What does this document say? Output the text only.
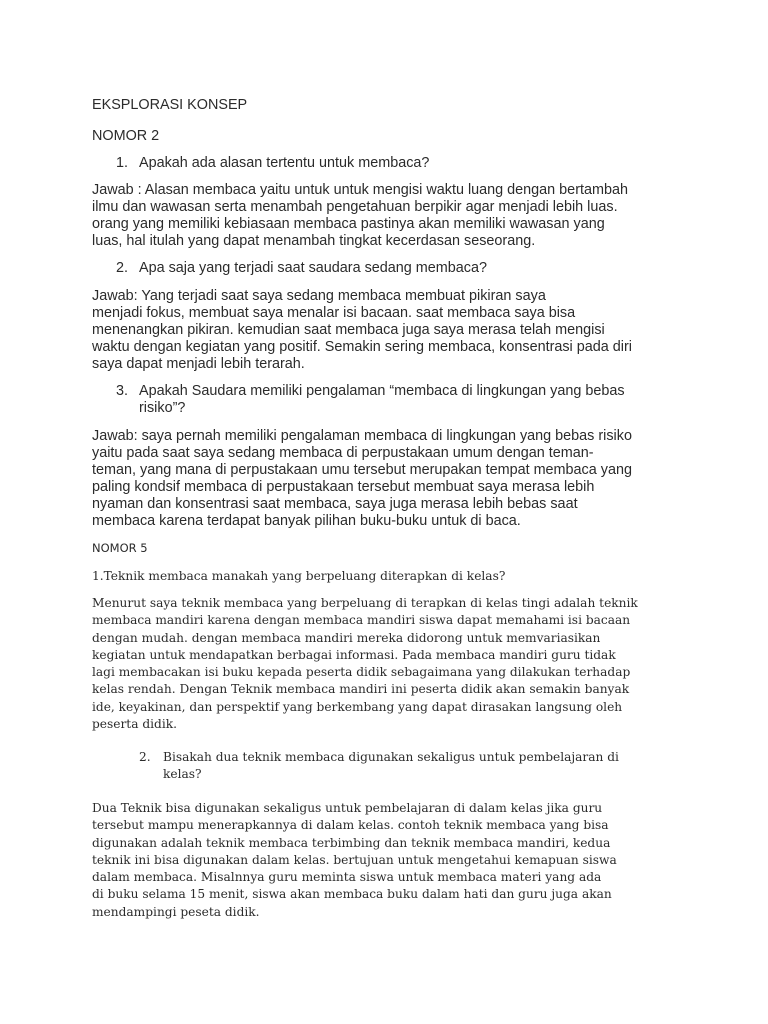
EKSPLORASI KONSEP

NOMOR 2

1. Apakah ada alasan tertentu untuk membaca?

Jawab : Alasan membaca yaitu untuk untuk mengisi waktu luang dengan bertambah
ilmu dan wawasan serta menambah pengetahuan berpikir agar menjadi lebih luas.
orang yang memiliki kebiasaan membaca pastinya akan memiliki wawasan yang
luas, hal itulah yang dapat menambah tingkat kecerdasan seseorang.

2. Apa saja yang terjadi saat saudara sedang membaca?

Jawab: Yang terjadi saat saya sedang membaca membuat pikiran saya
menjadi fokus, membuat saya menalar isi bacaan. saat membaca saya bisa
menenangkan pikiran. kemudian saat membaca juga saya merasa telah mengisi
waktu dengan kegiatan yang positif. Semakin sering membaca, konsentrasi pada diri
saya dapat menjadi lebih terarah.

3. Apakah Saudara memiliki pengalaman “membaca di lingkungan yang bebas
risiko”?

Jawab: saya pernah memiliki pengalaman membaca di lingkungan yang bebas risiko
yaitu pada saat saya sedang membaca di perpustakaan umum dengan teman-
teman, yang mana di perpustakaan umu tersebut merupakan tempat membaca yang
paling kondsif membaca di perpustakaan tersebut membuat saya merasa lebih
nyaman dan konsentrasi saat membaca, saya juga merasa lebih bebas saat
membaca karena terdapat banyak pilihan buku-buku untuk di baca.

NOMOR 5

1.Teknik membaca manakah yang berpeluang diterapkan di kelas?

Menurut saya teknik membaca yang berpeluang di terapkan di kelas tingi adalah teknik
membaca mandiri karena dengan membaca mandiri siswa dapat memahami isi bacaan
dengan mudah. dengan membaca mandiri mereka didorong untuk memvariasikan
kegiatan untuk mendapatkan berbagai informasi. Pada membaca mandiri guru tidak
lagi membacakan isi buku kepada peserta didik sebagaimana yang dilakukan terhadap
kelas rendah. Dengan Teknik membaca mandiri ini peserta didik akan semakin banyak
ide, keyakinan, dan perspektif yang berkembang yang dapat dirasakan langsung oleh
peserta didik.

2. Bisakah dua teknik membaca digunakan sekaligus untuk pembelajaran di
kelas?

Dua Teknik bisa digunakan sekaligus untuk pembelajaran di dalam kelas jika guru
tersebut mampu menerapkannya di dalam kelas. contoh teknik membaca yang bisa
digunakan adalah teknik membaca terbimbing dan teknik membaca mandiri, kedua
teknik ini bisa digunakan dalam kelas. bertujuan untuk mengetahui kemapuan siswa
dalam membaca. Misalnnya guru meminta siswa untuk membaca materi yang ada
di buku selama 15 menit, siswa akan membaca buku dalam hati dan guru juga akan
mendampingi peseta didik.
